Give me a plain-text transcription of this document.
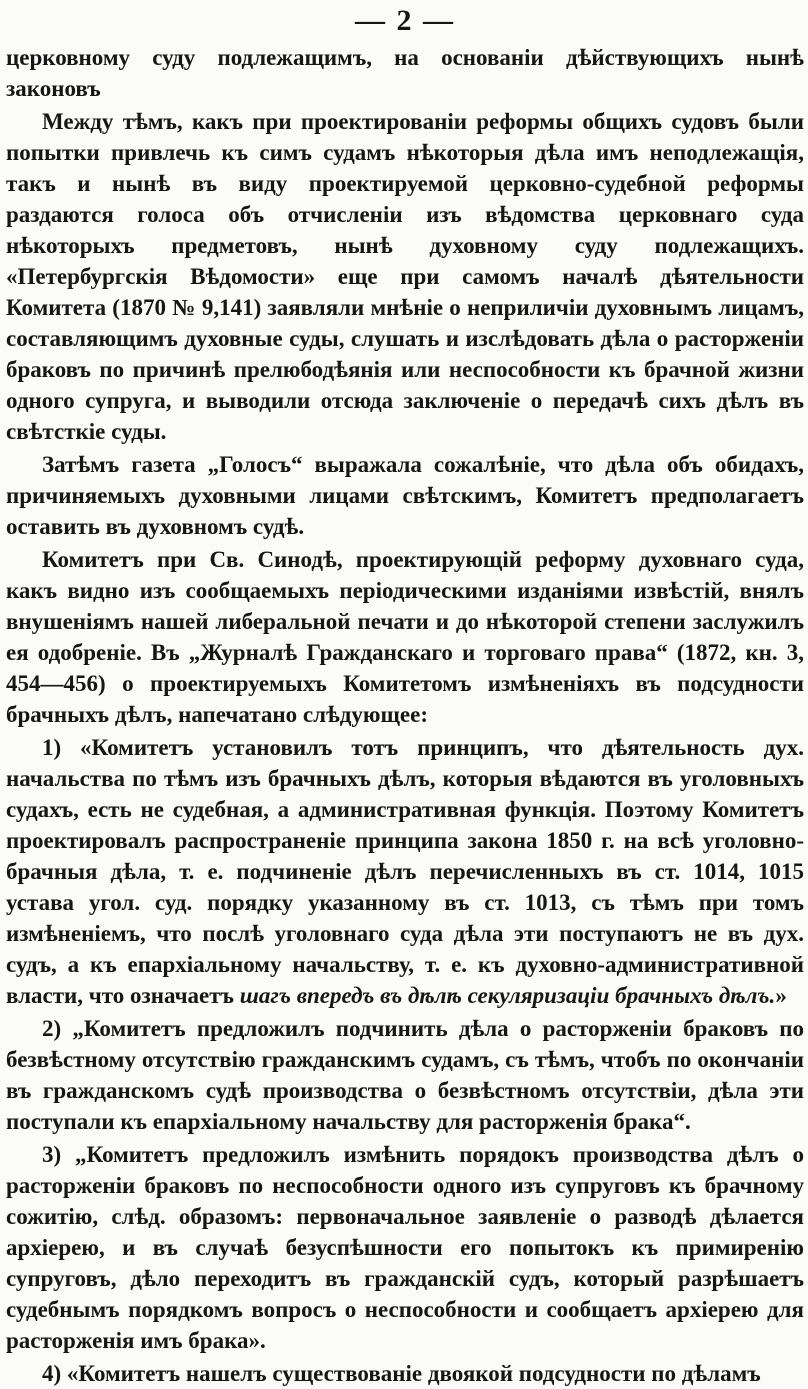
— 2 —

церковному суду подлежащимъ, на основаніи дѣйствующихъ нынѣ законовъ

Между тѣмъ, какъ при проектированіи реформы общихъ судовъ были попытки привлечь къ симъ судамъ нѣкоторыя дѣла имъ неподлежащія, такъ и нынѣ въ виду проектируемой церковно-судебной реформы раздаются голоса объ отчисленіи изъ вѣдомства церковнаго суда нѣкоторыхъ предметовъ, нынѣ духовному суду подлежащихъ. «Петербургскія Вѣдомости» еще при самомъ началѣ дѣятельности Комитета (1870 № 9,141) заявляли мнѣніе о неприличіи духовнымъ лицамъ, составляющимъ духовные суды, слушать и изслѣдовать дѣла о расторженіи браковъ по причинѣ прелюбодѣянія или неспособности къ брачной жизни одного супруга, и выводили отсюда заключеніе о передачѣ сихъ дѣлъ въ свѣтсткіе суды.

Затѣмъ газета „Голосъ“ выражала сожалѣніе, что дѣла объ обидахъ, причиняемыхъ духовными лицами свѣтскимъ, Комитетъ предполагаетъ оставить въ духовномъ судѣ.

Комитетъ при Св. Синодѣ, проектирующій реформу духовнаго суда, какъ видно изъ сообщаемыхъ періодическими изданіями извѣстій, внялъ внушеніямъ нашей либеральной печати и до нѣкоторой степени заслужилъ ея одобреніе. Въ „Журналѣ Гражданскаго и торговаго права“ (1872, кн. 3, 454—456) о проектируемыхъ Комитетомъ измѣненіяхъ въ подсудности брачныхъ дѣлъ, напечатано слѣдующее:

1) «Комитетъ установилъ тотъ принципъ, что дѣятельность дух. начальства по тѣмъ изъ брачныхъ дѣлъ, которыя вѣдаются въ уголовныхъ судахъ, есть не судебная, а административная функція. Поэтому Комитетъ проектировалъ распространеніе принципа закона 1850 г. на всѣ уголовно-брачныя дѣла, т. е. подчиненіе дѣлъ перечисленныхъ въ ст. 1014, 1015 устава угол. суд. порядку указанному въ ст. 1013, съ тѣмъ при томъ измѣненіемъ, что послѣ уголовнаго суда дѣла эти поступаютъ не въ дух. судъ, а къ епархіальному начальству, т. е. къ духовно-административной власти, что означаетъ шагъ впередъ въ дѣлѣ секуляризаціи брачныхъ дѣлъ.»

2) „Комитетъ предложилъ подчинить дѣла о расторженіи браковъ по безвѣстному отсутствію гражданскимъ судамъ, съ тѣмъ, чтобъ по окончаніи въ гражданскомъ судѣ производства о безвѣстномъ отсутствіи, дѣла эти поступали къ епархіальному начальству для расторженія брака“.

3) „Комитетъ предложилъ измѣнить порядокъ производства дѣлъ о расторженіи браковъ по неспособности одного изъ супруговъ къ брачному сожитію, слѣд. образомъ: первоначальное заявленіе о разводѣ дѣлается архіерею, и въ случаѣ безуспѣшности его попытокъ къ примиренію супруговъ, дѣло переходитъ въ гражданскій судъ, который разрѣшаетъ судебнымъ порядкомъ вопросъ о неспособности и сообщаетъ архіерею для расторженія имъ брака».

4) «Комитетъ нашелъ существованіе двоякой подсудности по дѣламъ
